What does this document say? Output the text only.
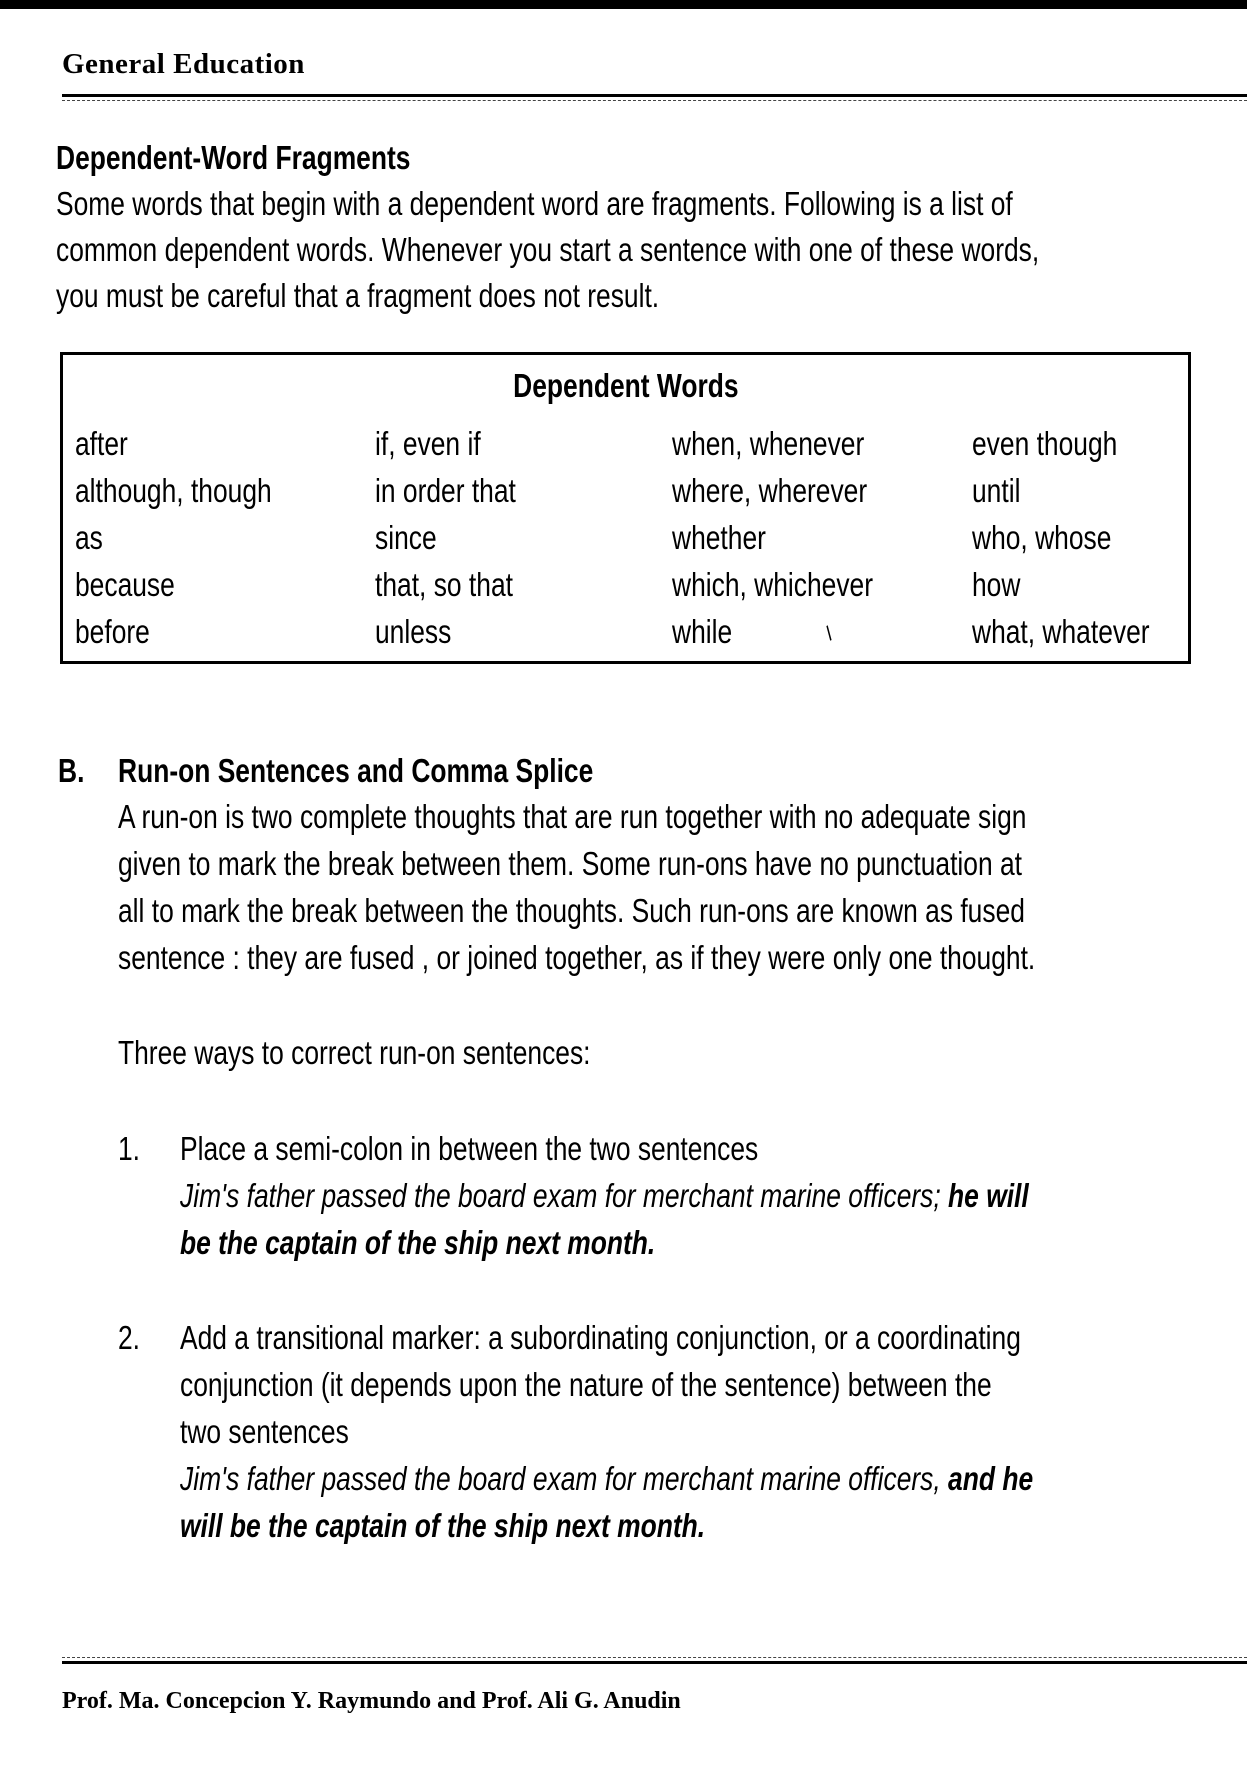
General Education
Dependent-Word Fragments
Some words that begin with a dependent word are fragments. Following is a list of
common dependent words. Whenever you start a sentence with one of these words,
you must be careful that a fragment does not result.
Dependent Words
after
although, though
as
because
before
if, even if
in order that
since
that, so that
unless
when, whenever
where, wherever
whether
which, whichever
while
even though
until
who, whose
how
what, whatever
/
B. Run-on Sentences and Comma Splice
A run-on is two complete thoughts that are run together with no adequate sign
given to mark the break between them. Some run-ons have no punctuation at
all to mark the break between the thoughts. Such run-ons are known as fused
sentence : they are fused , or joined together, as if they were only one thought.
Three ways to correct run-on sentences:
1. Place a semi-colon in between the two sentences
Jim's father passed the board exam for merchant marine officers; he will
be the captain of the ship next month.
2. Add a transitional marker: a subordinating conjunction, or a coordinating
conjunction (it depends upon the nature of the sentence) between the
two sentences
Jim's father passed the board exam for merchant marine officers, and he
will be the captain of the ship next month.
Prof. Ma. Concepcion Y. Raymundo and Prof. Ali G. Anudin
